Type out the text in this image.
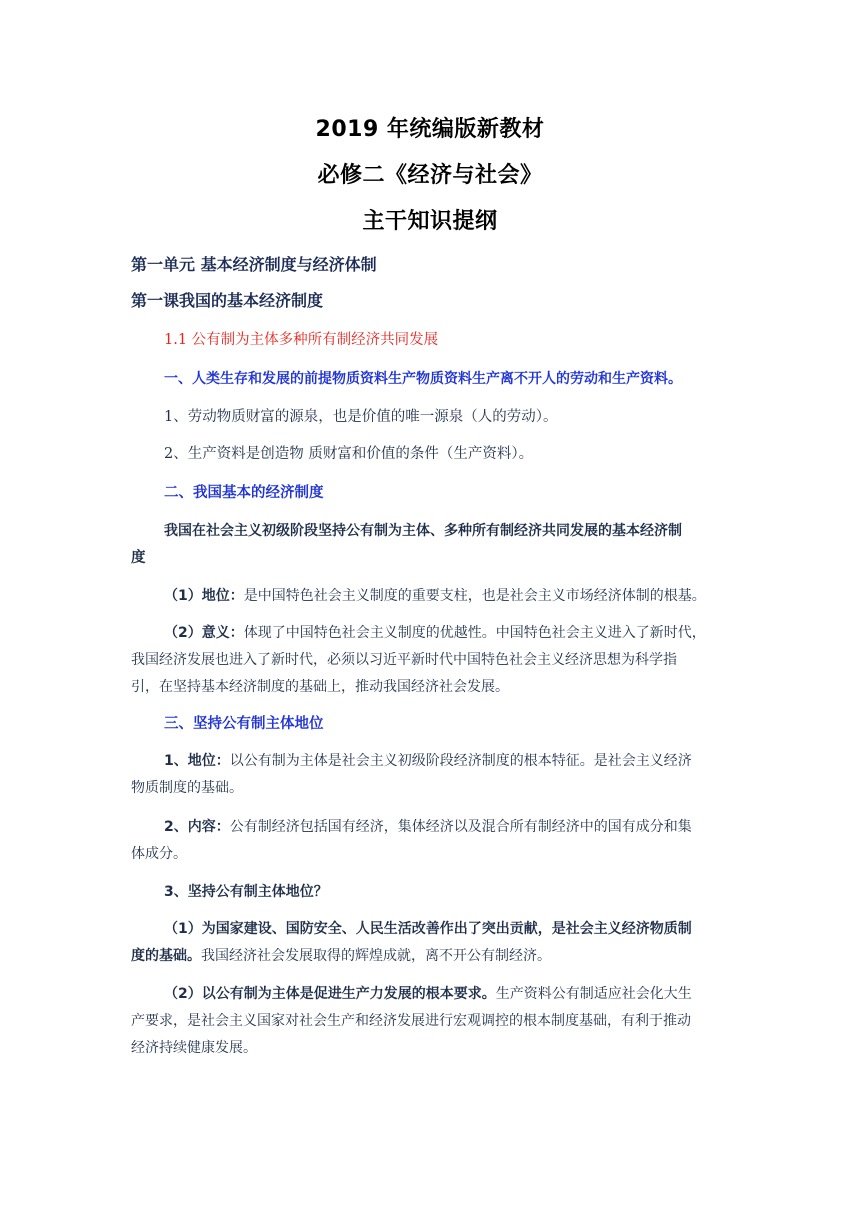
2019 年统编版新教材
必修二《经济与社会》
主干知识提纲
第一单元 基本经济制度与经济体制
第一课我国的基本经济制度
1.1 公有制为主体多种所有制经济共同发展
一、人类生存和发展的前提物质资料生产物质资料生产离不开人的劳动和生产资料。
1、劳动物质财富的源泉，也是价值的唯一源泉（人的劳动）。
2、生产资料是创造物 质财富和价值的条件（生产资料）。
二、我国基本的经济制度
我国在社会主义初级阶段坚持公有制为主体、多种所有制经济共同发展的基本经济制
度
（1）地位：是中国特色社会主义制度的重要支柱，也是社会主义市场经济体制的根基。
（2）意义：体现了中国特色社会主义制度的优越性。中国特色社会主义进入了新时代，
我国经济发展也进入了新时代，必须以习近平新时代中国特色社会主义经济思想为科学指
引，在坚持基本经济制度的基础上，推动我国经济社会发展。
三、坚持公有制主体地位
1、地位：以公有制为主体是社会主义初级阶段经济制度的根本特征。是社会主义经济
物质制度的基础。
2、内容：公有制经济包括国有经济，集体经济以及混合所有制经济中的国有成分和集
体成分。
3、坚持公有制主体地位？
（1）为国家建设、国防安全、人民生活改善作出了突出贡献，是社会主义经济物质制
度的基础。我国经济社会发展取得的辉煌成就，离不开公有制经济。
（2）以公有制为主体是促进生产力发展的根本要求。生产资料公有制适应社会化大生
产要求，是社会主义国家对社会生产和经济发展进行宏观调控的根本制度基础，有利于推动
经济持续健康发展。
